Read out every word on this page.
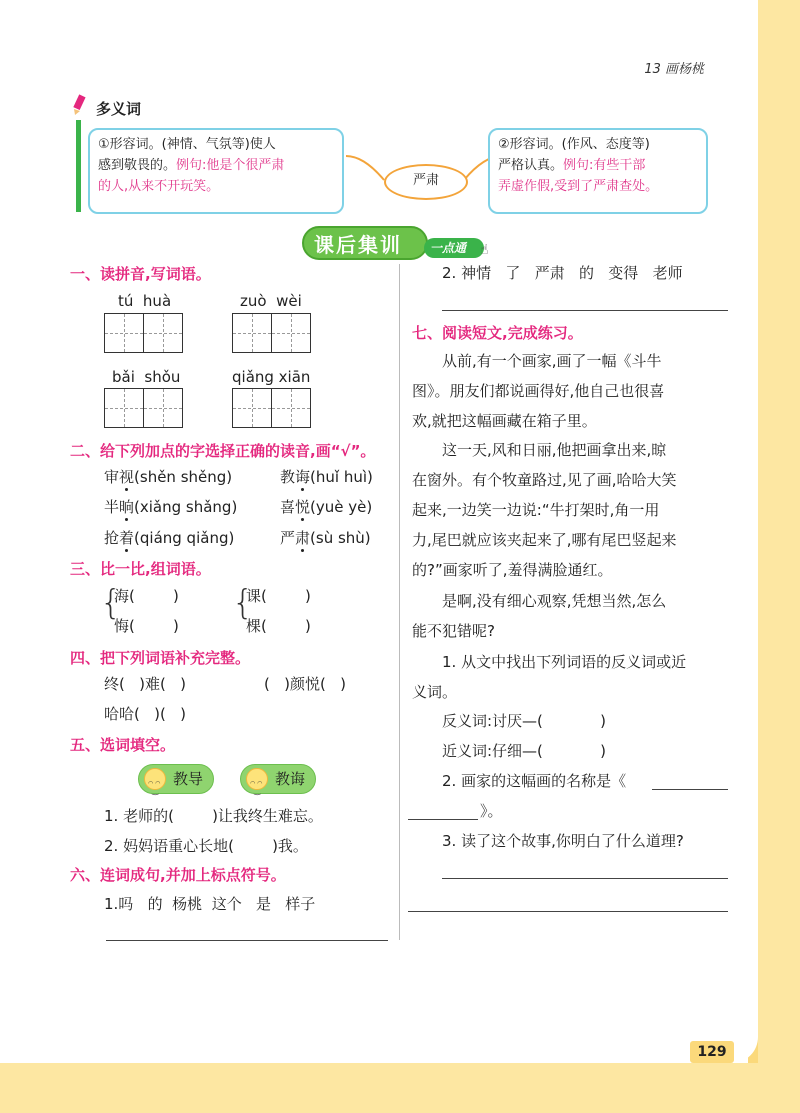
13 画杨桃
129
多义词
①形容词。(神情、气氛等)使人
感到敬畏的。例句:他是个很严肃
的人,从来不开玩笑。	严肃
②形容词。(作风、态度等)
严格认真。例句:有些干部
弄虚作假,受到了严肃查处。
课后集训 一点通 ☝
一、读拼音,写词语。
tú  huà	zuò  wèi
bǎi  shǒu	qiǎng xiān
二、给下列加点的字选择正确的读音,画“√”。
审视(shěn shěng)	教诲(huǐ huì)
半晌(xiǎng shǎng)	喜悦(yuè yè)
抢着(qiáng qiǎng)	严肃(sù shù)
三、比一比,组词语。
{
海(        )
悔(        )
{
课(        )
棵(        )
四、把下列词语补充完整。
终(   )难(   )	(   )颜悦(   )
哈哈(   )(   )
五、选词填空。
◠ ◠ ‿
教导
◠ ◠ ‿	教诲
1. 老师的(        )让我终生难忘。
2. 妈妈语重心长地(        )我。
六、连词成句,并加上标点符号。
1.吗   的  杨桃  这个   是   样子
2. 神情   了   严肃   的   变得   老师
七、阅读短文,完成练习。
从前,有一个画家,画了一幅《斗牛
图》。朋友们都说画得好,他自己也很喜
欢,就把这幅画藏在箱子里。
这一天,风和日丽,他把画拿出来,晾
在窗外。有个牧童路过,见了画,哈哈大笑
起来,一边笑一边说:“牛打架时,角一用
力,尾巴就应该夹起来了,哪有尾巴竖起来
的?”画家听了,羞得满脸通红。
是啊,没有细心观察,凭想当然,怎么
能不犯错呢?
1. 从文中找出下列词语的反义词或近
义词。
反义词:讨厌—(            )
近义词:仔细—(            )
2. 画家的这幅画的名称是《
》。
3. 读了这个故事,你明白了什么道理?
